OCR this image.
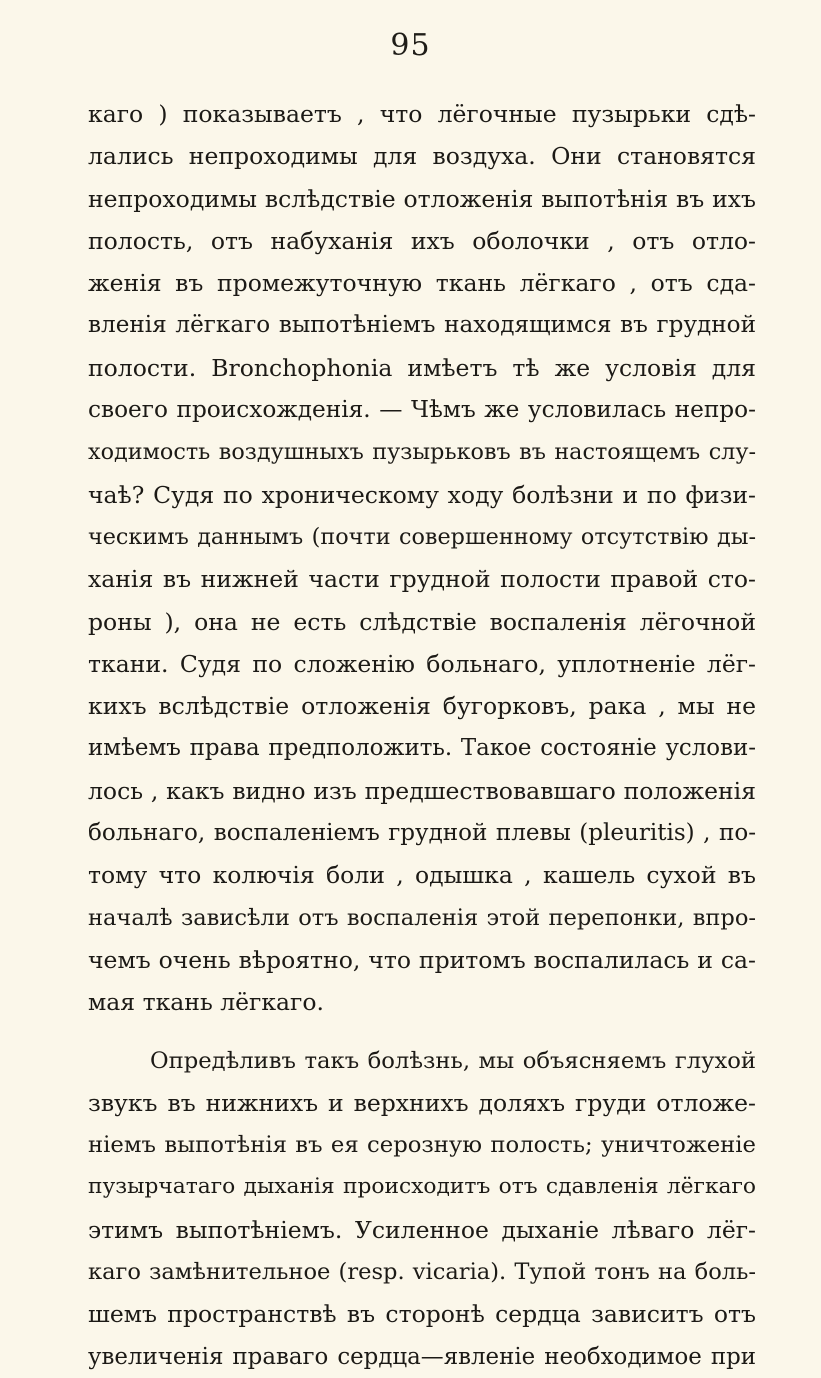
95
каго ) показываетъ , что лёгочные пузырьки сдѣ-
лались непроходимы для воздуха. Они становятся
непроходимы вслѣдствіе отложенія выпотѣнія въ ихъ
полость, отъ набуханія ихъ оболочки , отъ отло-
женія въ промежуточную ткань лёгкаго , отъ сда-
вленія лёгкаго выпотѣніемъ находящимся въ грудной
полости. Bronchophonia имѣетъ тѣ же условія для
своего происхожденія. — Чѣмъ же условилась непро-
ходимость воздушныхъ пузырьковъ въ настоящемъ слу-
чаѣ? Судя по хроническому ходу болѣзни и по физи-
ческимъ даннымъ (почти совершенному отсутствію ды-
ханія въ нижней части грудной полости правой сто-
роны ), она не есть слѣдствіе воспаленія лёгочной
ткани. Судя по сложенію больнаго, уплотненіе лёг-
кихъ вслѣдствіе отложенія бугорковъ, рака , мы не
имѣемъ права предположить. Такое состояніе услови-
лось , какъ видно изъ предшествовавшаго положенія
больнаго, воспаленіемъ грудной плевы (pleuritis) , по-
тому что колючія боли , одышка , кашель сухой въ
началѣ зависѣли отъ воспаленія этой перепонки, впро-
чемъ очень вѣроятно, что притомъ воспалилась и са-
мая ткань лёгкаго.
Опредѣливъ такъ болѣзнь, мы объясняемъ глухой
звукъ въ нижнихъ и верхнихъ доляхъ груди отложе-
ніемъ выпотѣнія въ ея серозную полость; уничтоженіе
пузырчатаго дыханія происходитъ отъ сдавленія лёгкаго
этимъ выпотѣніемъ. Усиленное дыханіе лѣваго лёг-
каго замѣнительное (resp. vicaria). Тупой тонъ на боль-
шемъ пространствѣ въ сторонѣ сердца зависитъ отъ
увеличенія праваго сердца—явленіе необходимое при
